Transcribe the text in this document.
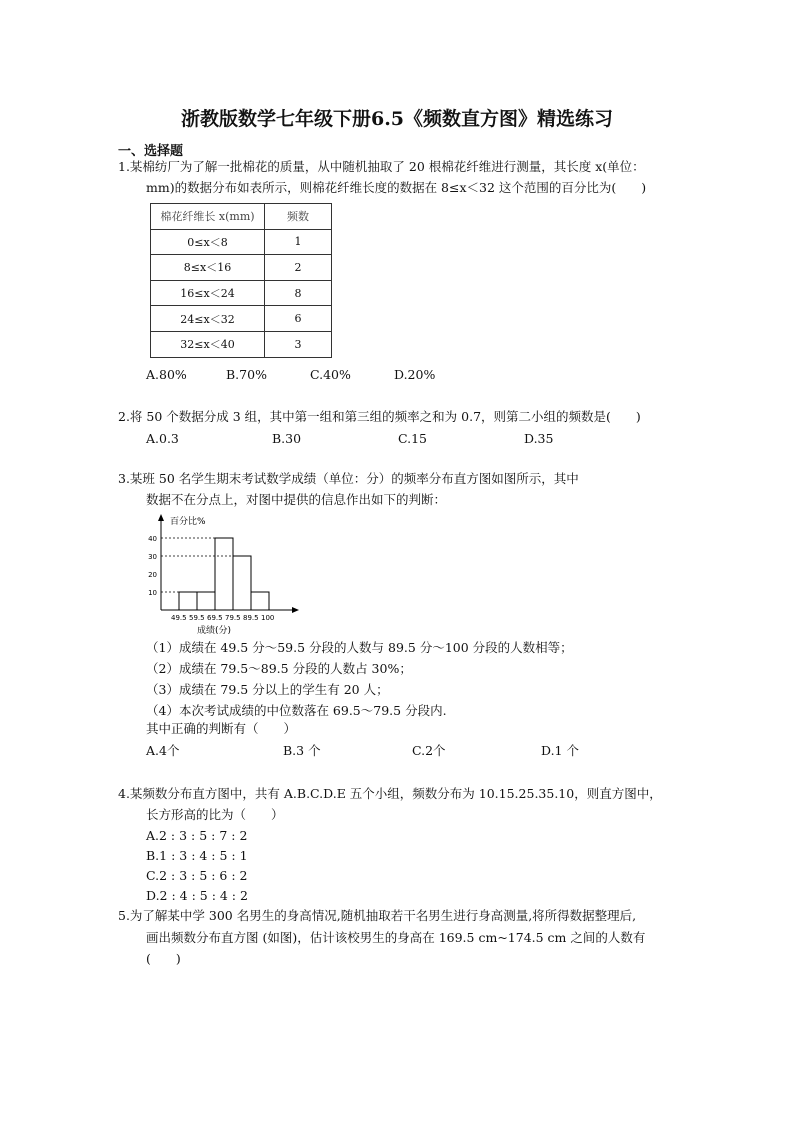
浙教版数学七年级下册6.5《频数直方图》精选练习
一、选择题
1.某棉纺厂为了解一批棉花的质量，从中随机抽取了 20 根棉花纤维进行测量，其长度 x(单位：
mm)的数据分布如表所示，则棉花纤维长度的数据在 8≤x＜32 这个范围的百分比为(　　)
棉花纤维长 x(mm)	频数
0≤x＜8	1
8≤x＜16	2
16≤x＜24	8
24≤x＜32	6
32≤x＜40	3
A.80%	B.70%	C.40%	D.20%
2.将 50 个数据分成 3 组，其中第一组和第三组的频率之和为 0.7，则第二小组的频数是(　　)
A.0.3	B.30	C.15	D.35
3.某班 50 名学生期末考试数学成绩（单位：分）的频率分布直方图如图所示，其中
数据不在分点上，对图中提供的信息作出如下的判断：
百分比%
成绩(分)
10
20
30
40
49.5 59.5 69.5 79.5 89.5 100
（1）成绩在 49.5 分～59.5 分段的人数与 89.5 分～100 分段的人数相等；
（2）成绩在 79.5～89.5 分段的人数占 30%；
（3）成绩在 79.5 分以上的学生有 20 人；
（4）本次考试成绩的中位数落在 69.5～79.5 分段内.
其中正确的判断有（　　）
A.4个	B.3 个	C.2个	D.1 个
4.某频数分布直方图中，共有 A.B.C.D.E 五个小组，频数分布为 10.15.25.35.10，则直方图中，
长方形高的比为（　　）
A.2 : 3 : 5 : 7 : 2
B.1 : 3 : 4 : 5 : 1
C.2 : 3 : 5 : 6 : 2
D.2 : 4 : 5 : 4 : 2
5.为了解某中学 300 名男生的身高情况,随机抽取若干名男生进行身高测量,将所得数据整理后,
画出频数分布直方图 (如图)，估计该校男生的身高在 169.5 cm~174.5 cm 之间的人数有
(　　)
